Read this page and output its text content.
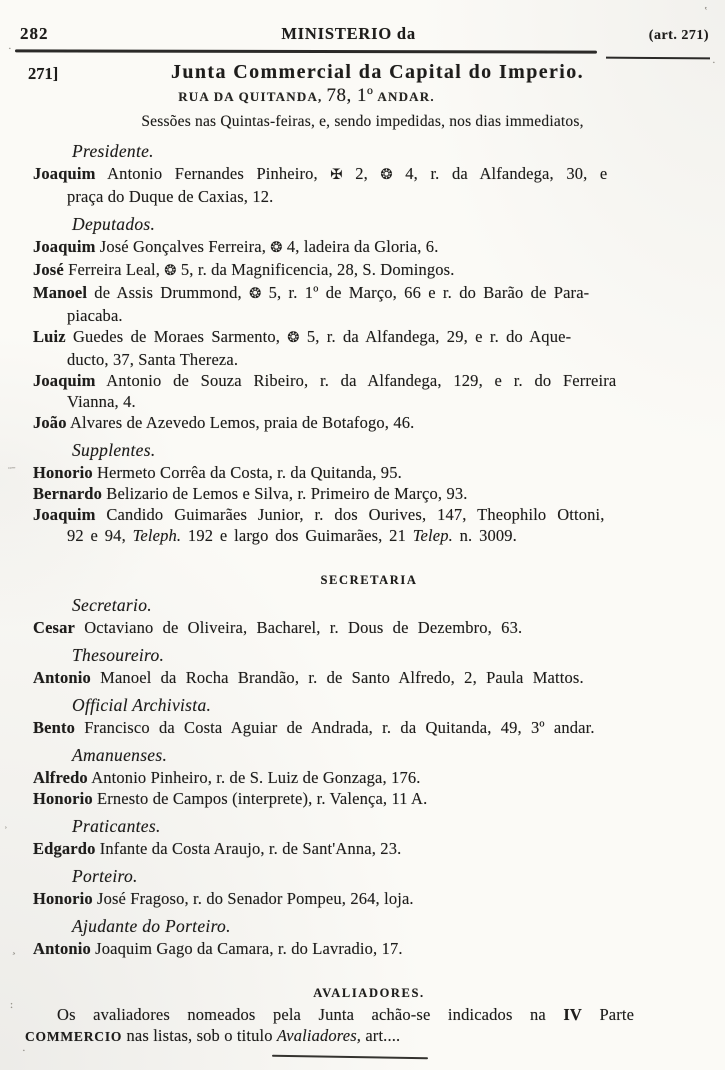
282	MINISTERIO da	(art. 271)
271]	Junta Commercial da Capital do Imperio.
RUA DA QUITANDA, 78, 1º ANDAR.
Sessões nas Quintas-feiras, e, sendo impedidas, nos dias immediatos,
Presidente.
Joaquim Antonio Fernandes Pinheiro, ✠ 2, ❂ 4, r. da Alfandega, 30, e
praça do Duque de Caxias, 12.
Deputados.
Joaquim José Gonçalves Ferreira, ❂ 4, ladeira da Gloria, 6.
José Ferreira Leal, ❂ 5, r. da Magnificencia, 28, S. Domingos.
Manoel de Assis Drummond, ❂ 5, r. 1º de Março, 66 e r. do Barão de Para-
piacaba.
Luiz Guedes de Moraes Sarmento, ❂ 5, r. da Alfandega, 29, e r. do Aque-
ducto, 37, Santa Thereza.
Joaquim Antonio de Souza Ribeiro, r. da Alfandega, 129, e r. do Ferreira
Vianna, 4.
João Alvares de Azevedo Lemos, praia de Botafogo, 46.
Supplentes.
Honorio Hermeto Corrêa da Costa, r. da Quitanda, 95.
Bernardo Belizario de Lemos e Silva, r. Primeiro de Março, 93.
Joaquim Candido Guimarães Junior, r. dos Ourives, 147, Theophilo Ottoni,
92 e 94, Teleph. 192 e largo dos Guimarães, 21 Telep. n. 3009.
SECRETARIA
Secretario.
Cesar Octaviano de Oliveira, Bacharel, r. Dous de Dezembro, 63.
Thesoureiro.
Antonio Manoel da Rocha Brandão, r. de Santo Alfredo, 2, Paula Mattos.
Official Archivista.
Bento Francisco da Costa Aguiar de Andrada, r. da Quitanda, 49, 3º andar.
Amanuenses.
Alfredo Antonio Pinheiro, r. de S. Luiz de Gonzaga, 176.
Honorio Ernesto de Campos (interprete), r. Valença, 11 A.
Praticantes.
Edgardo Infante da Costa Araujo, r. de Sant'Anna, 23.
Porteiro.
Honorio José Fragoso, r. do Senador Pompeu, 264, loja.
Ajudante do Porteiro.
Antonio Joaquim Gago da Camara, r. do Lavradio, 17.
AVALIADORES.
Os avaliadores nomeados pela Junta achão-se indicados na IV Parte
COMMERCIO nas listas, sob o titulo Avaliadores, art....
·
‛
·
¨ˉ
ʾ
¸
:
·
